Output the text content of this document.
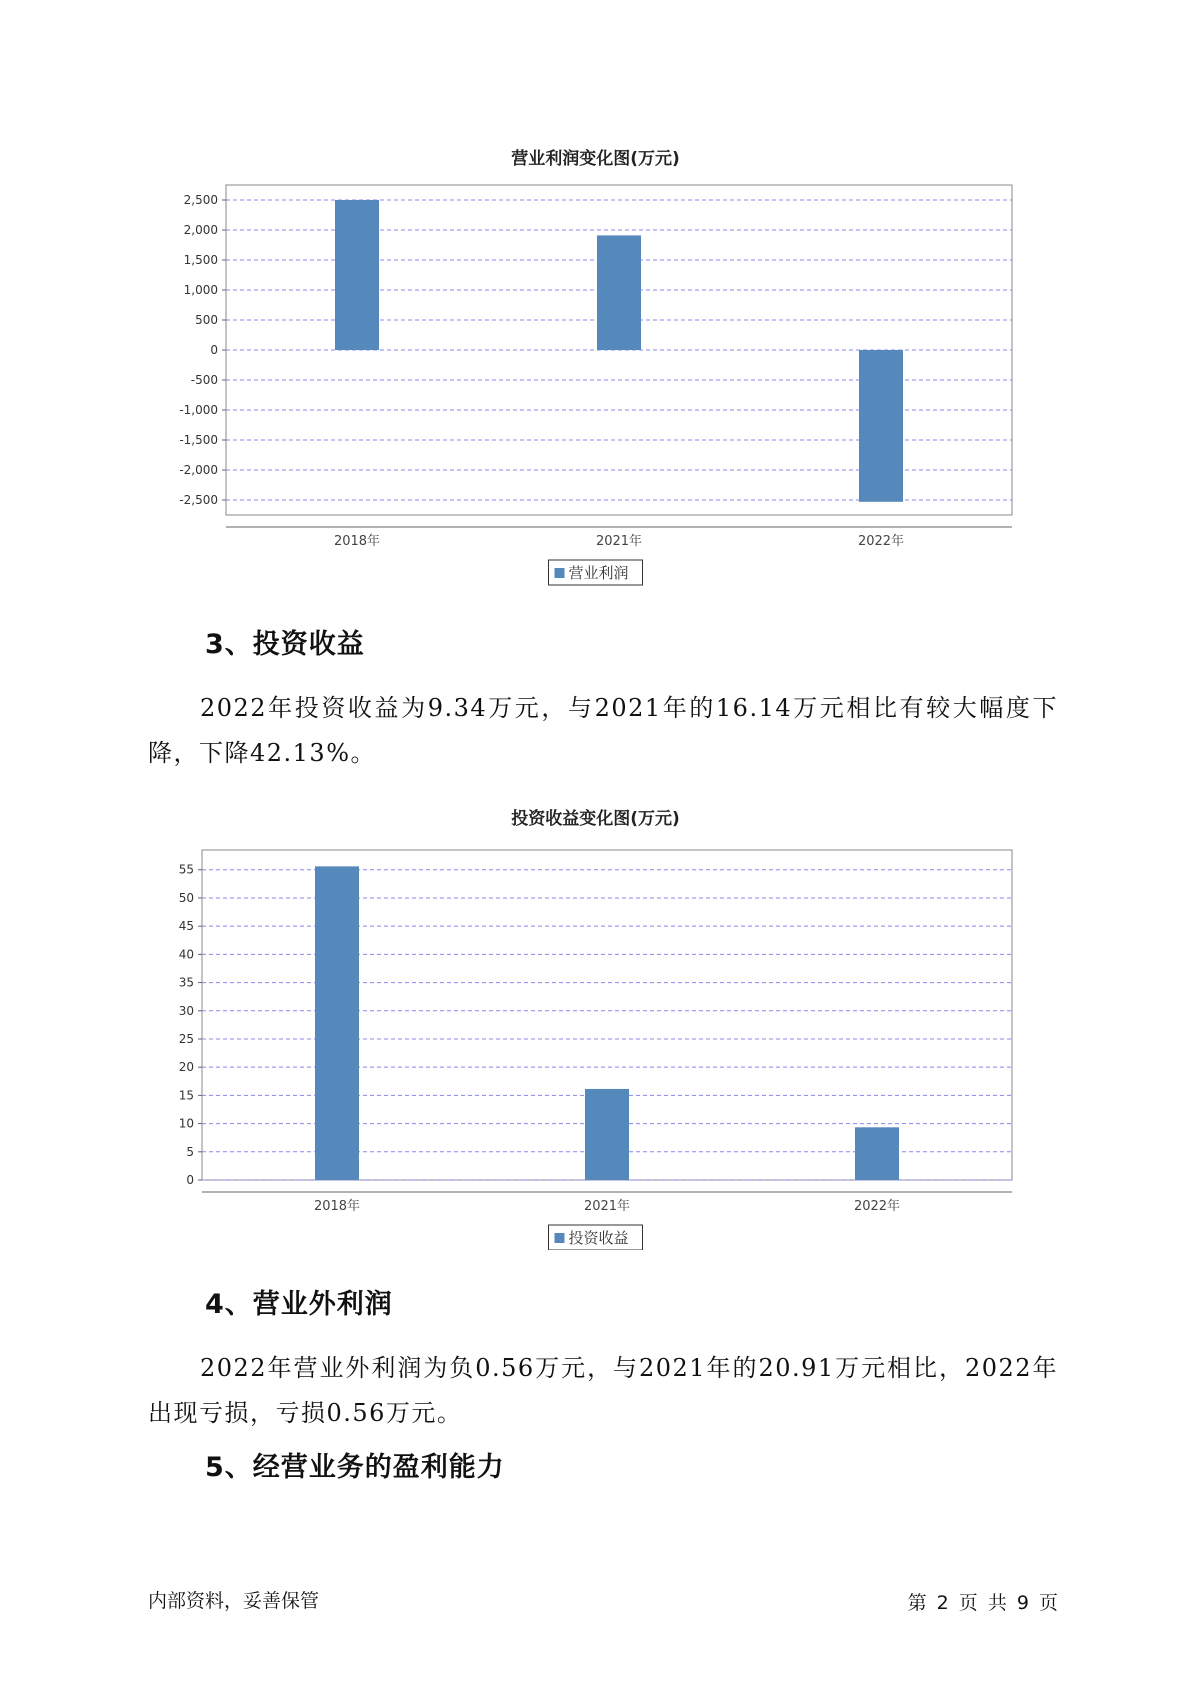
营业利润变化图(万元)
2,500
2,000
1,500
1,000
500
0
-500
-1,000
-1,500
-2,000
-2,500
2018年	2021年	2022年
营业利润
3、投资收益
2022年投资收益为9.34万元，与2021年的16.14万元相比有较大幅度下降，下降42.13%。
投资收益变化图(万元)
55
50
45
40
35
30
25
20
15
10
5
0
2018年	2021年	2022年
投资收益
4、营业外利润
2022年营业外利润为负0.56万元，与2021年的20.91万元相比，2022年出现亏损，亏损0.56万元。
5、经营业务的盈利能力
内部资料，妥善保管	第 2 页 共 9 页
